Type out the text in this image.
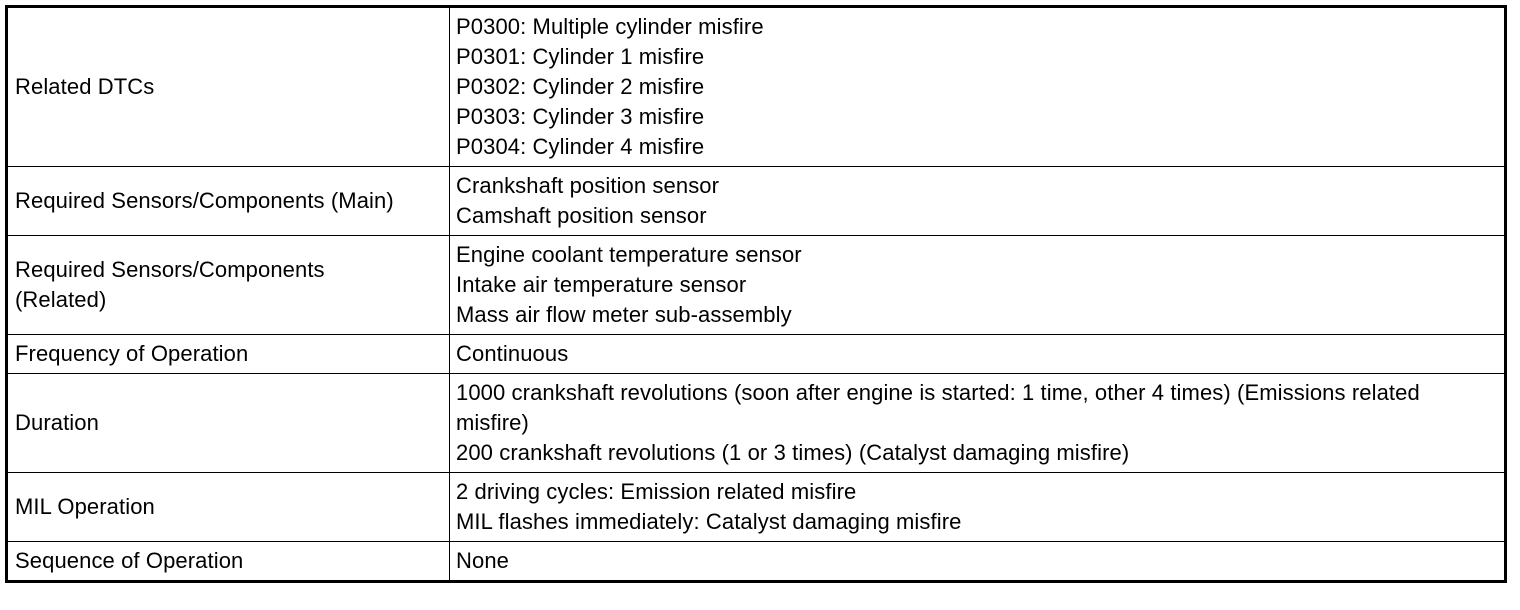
Related DTCs	P0300: Multiple cylinder misfire
P0301: Cylinder 1 misfire
P0302: Cylinder 2 misfire
P0303: Cylinder 3 misfire
P0304: Cylinder 4 misfire

Required Sensors/Components (Main)	Crankshaft position sensor
Camshaft position sensor

Required Sensors/Components
(Related)	Engine coolant temperature sensor
Intake air temperature sensor
Mass air flow meter sub-assembly

Frequency of Operation	Continuous

Duration	1000 crankshaft revolutions (soon after engine is started: 1 time, other 4 times) (Emissions related misfire)
200 crankshaft revolutions (1 or 3 times) (Catalyst damaging misfire)

MIL Operation	2 driving cycles: Emission related misfire
MIL flashes immediately: Catalyst damaging misfire

Sequence of Operation	None
